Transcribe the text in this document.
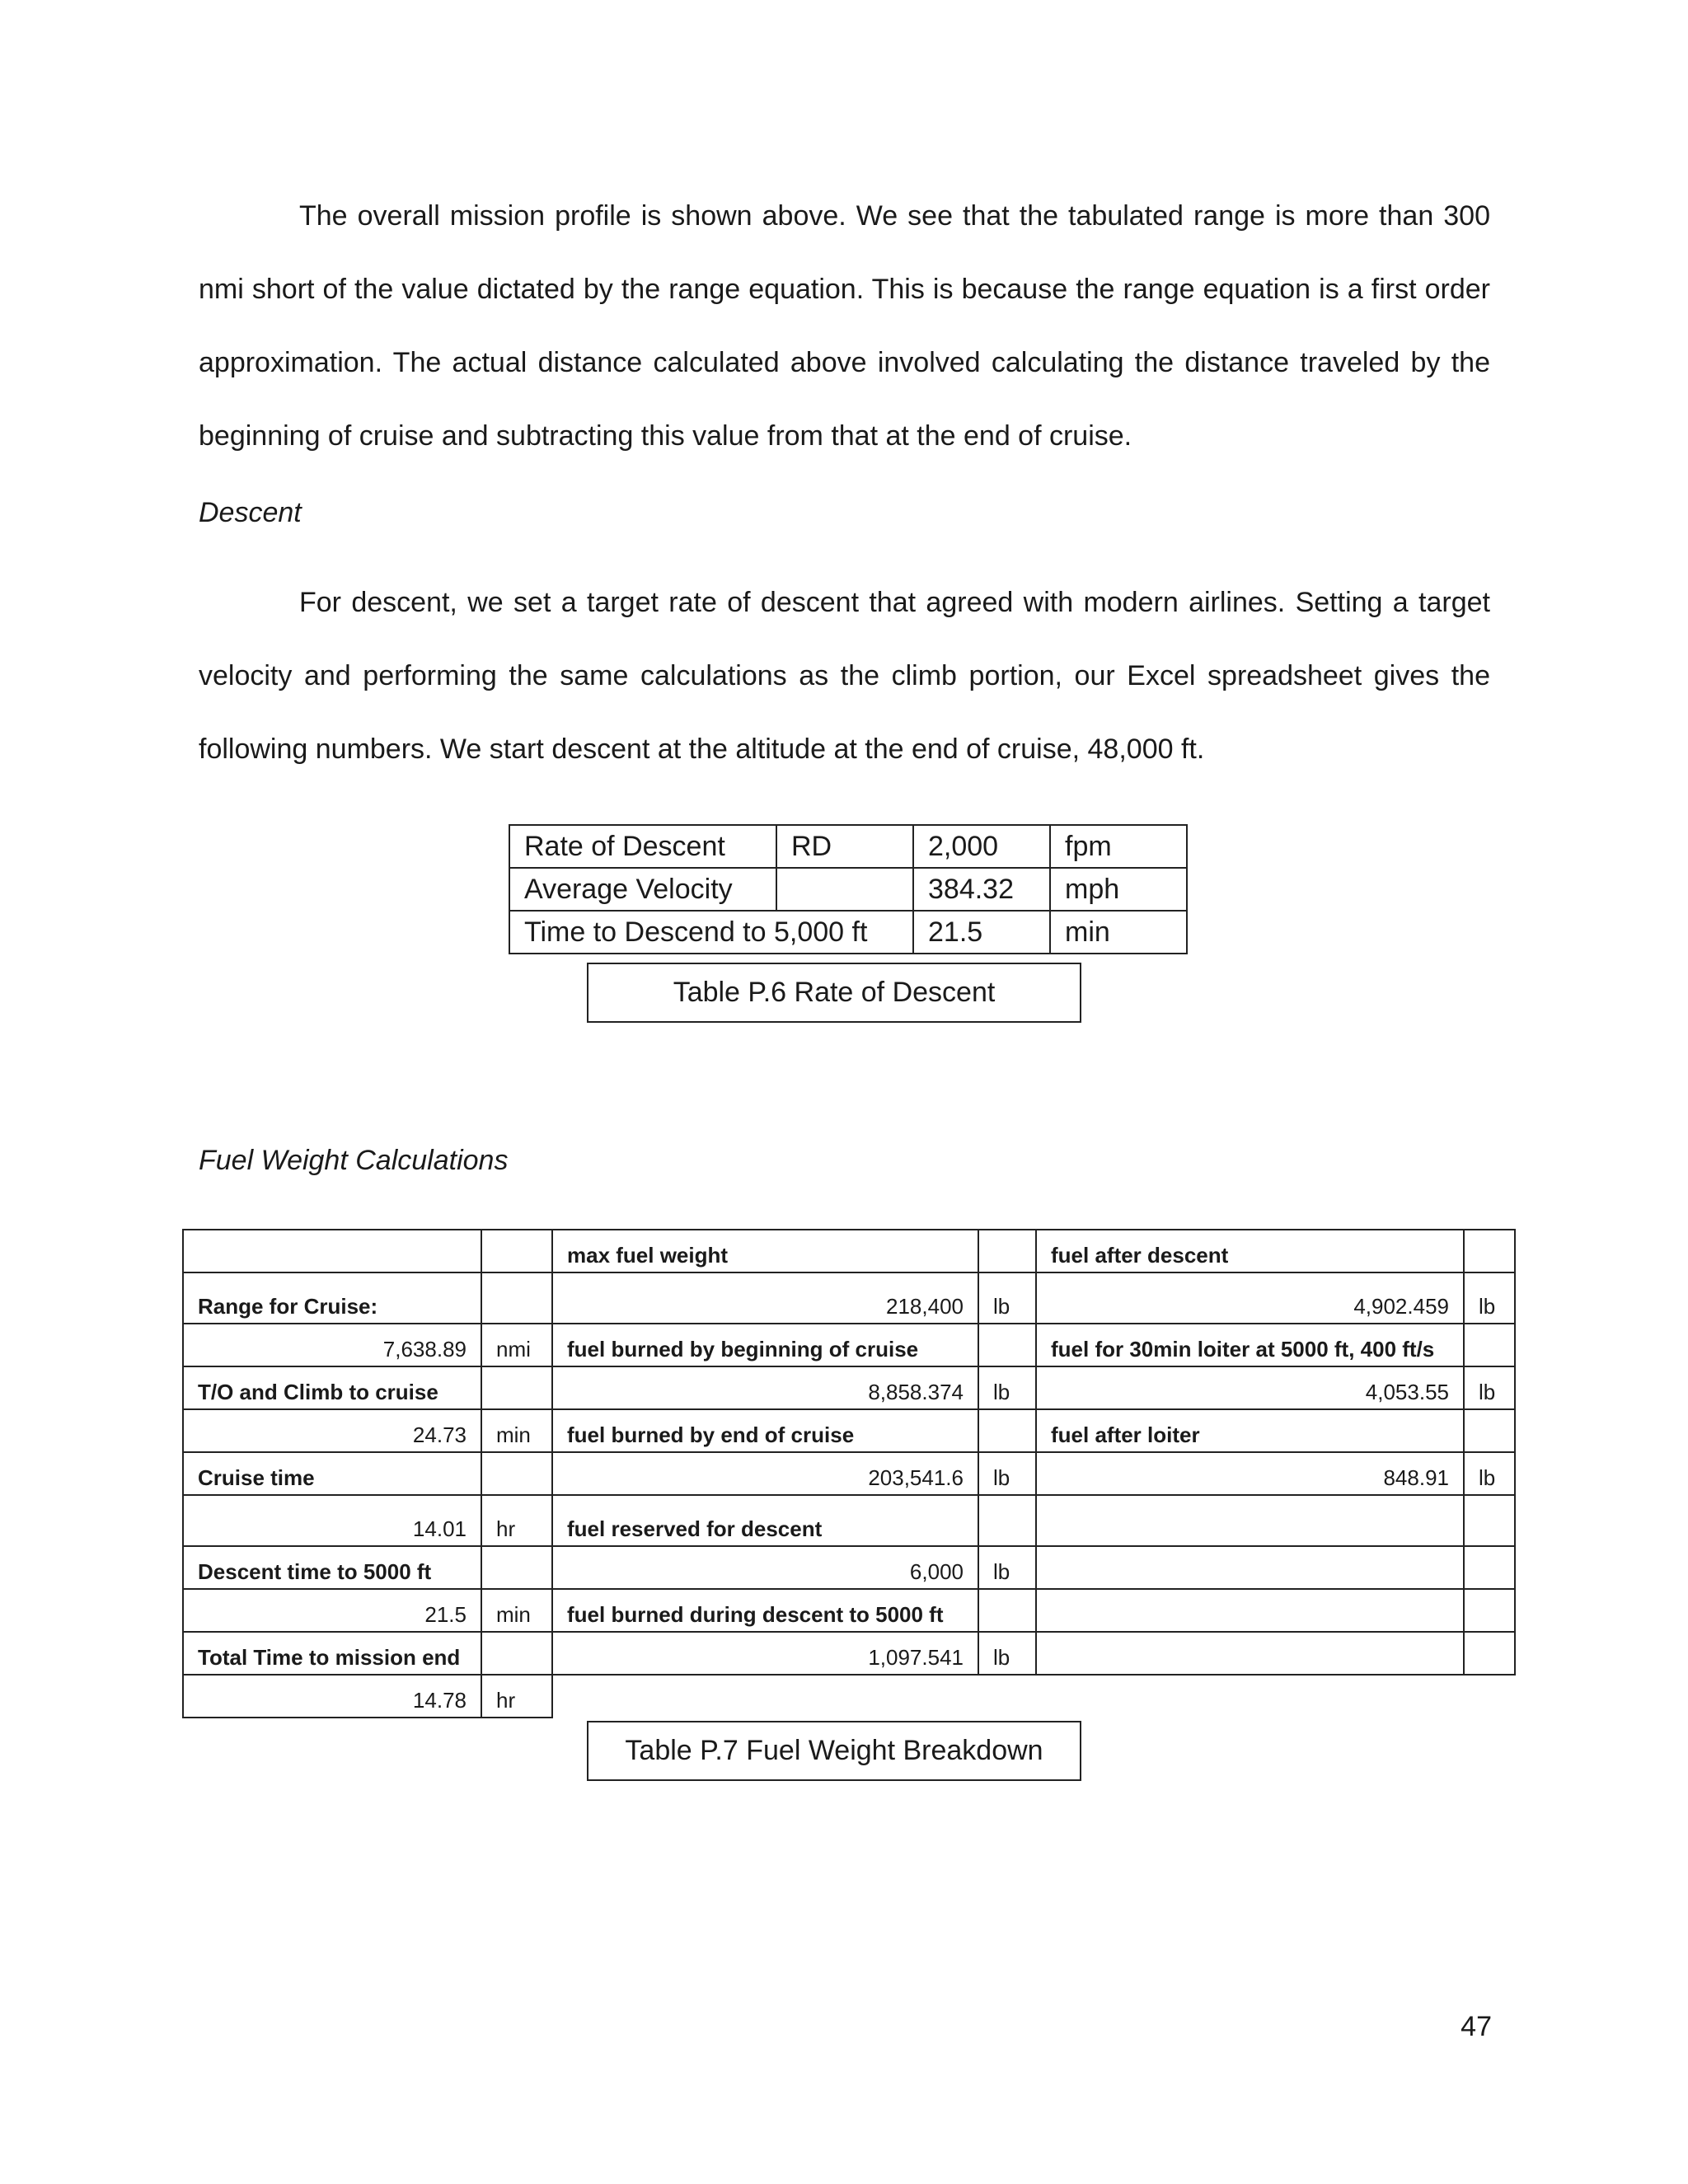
The overall mission profile is shown above. We see that the tabulated range is more than 300 nmi short of the value dictated by the range equation. This is because the range equation is a first order approximation. The actual distance calculated above involved calculating the distance traveled by the beginning of cruise and subtracting this value from that at the end of cruise.

Descent

For descent, we set a target rate of descent that agreed with modern airlines. Setting a target velocity and performing the same calculations as the climb portion, our Excel spreadsheet gives the following numbers. We start descent at the altitude at the end of cruise, 48,000 ft.

Rate of Descent	RD	2,000	fpm
Average Velocity		384.32	mph
Time to Descend to 5,000 ft		21.5	min
Table P.6 Rate of Descent

Fuel Weight Calculations

		max fuel weight		fuel after descent	
Range for Cruise:		218,400	lb	4,902.459	lb
7,638.89	nmi	fuel burned by beginning of cruise		fuel for 30min loiter at 5000 ft, 400 ft/s	
T/O and Climb to cruise		8,858.374	lb	4,053.55	lb
24.73	min	fuel burned by end of cruise		fuel after loiter	
Cruise time		203,541.6	lb	848.91	lb
14.01	hr	fuel reserved for descent			
Descent time to 5000 ft		6,000	lb		
21.5	min	fuel burned during descent to 5000 ft			
Total Time to mission end		1,097.541	lb		
14.78	hr				
Table P.7 Fuel Weight Breakdown
47
